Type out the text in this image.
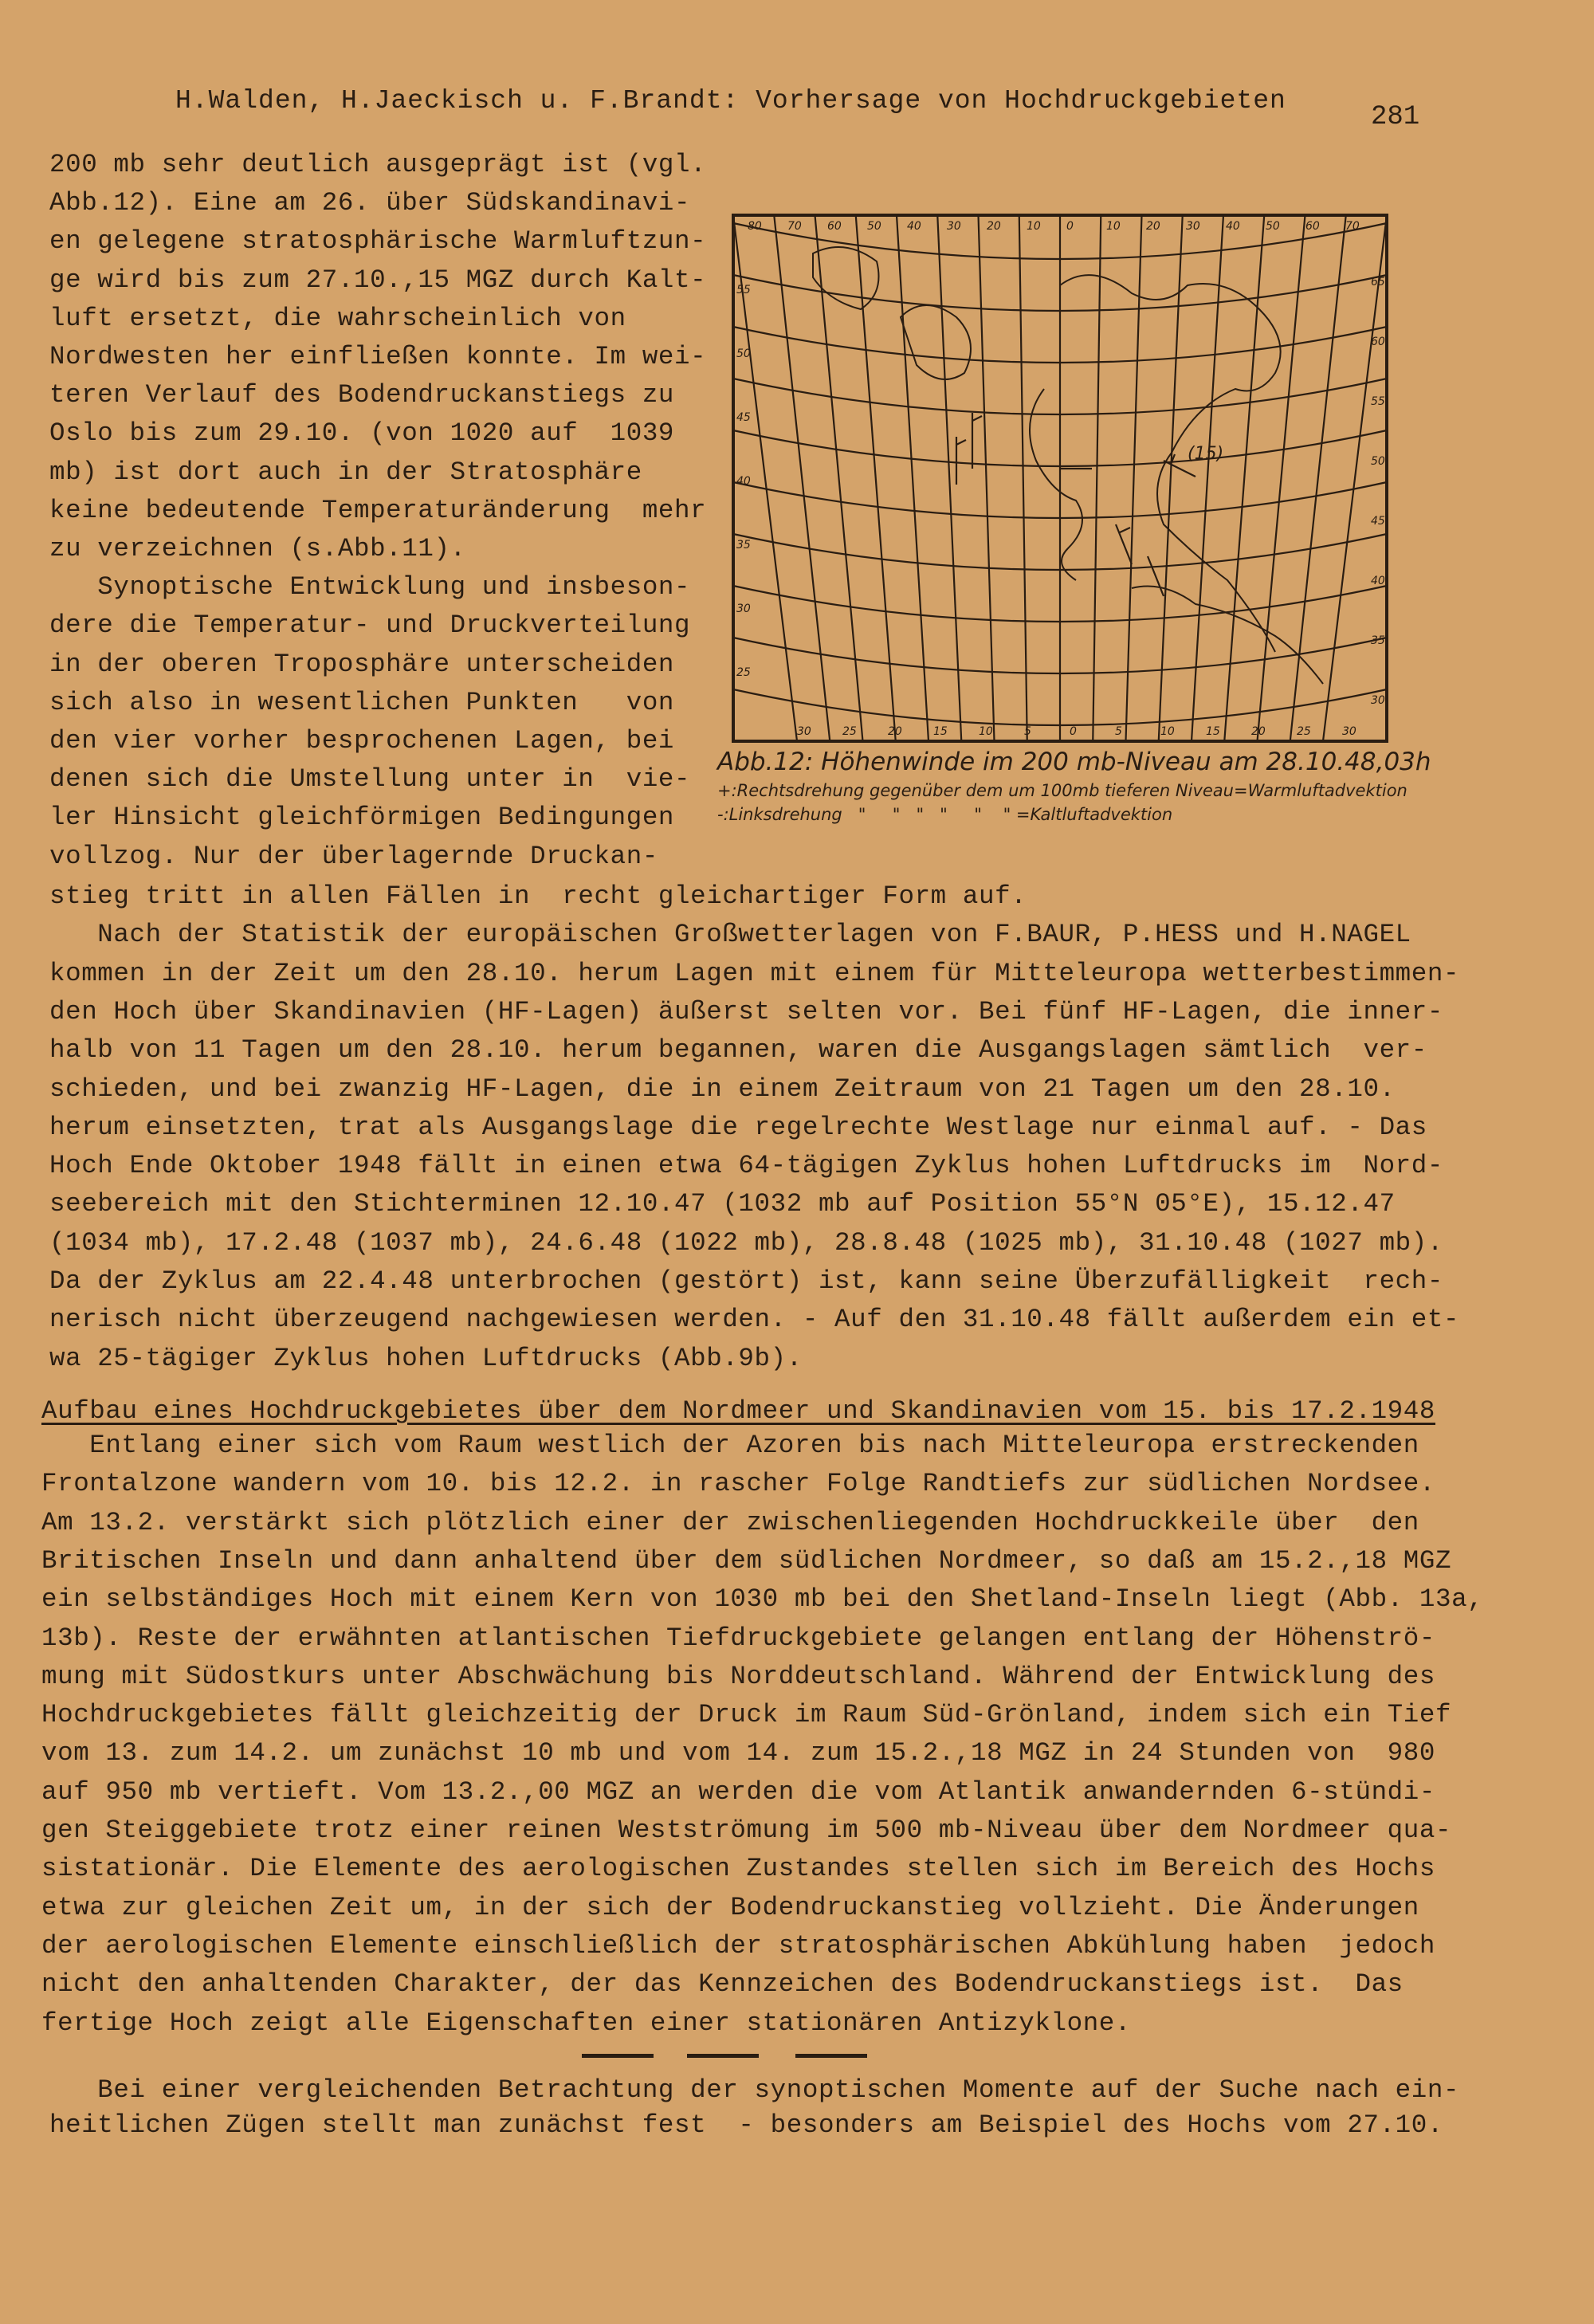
H.Walden, H.Jaeckisch u. F.Brandt: Vorhersage von Hochdruckgebieten
281
200 mb sehr deutlich ausgeprägt ist (vgl.
Abb.12). Eine am 26. über Südskandinavi-
en gelegene stratosphärische Warmluftzun-
ge wird bis zum 27.10.,15 MGZ durch Kalt-
luft ersetzt, die wahrscheinlich von
Nordwesten her einfließen konnte. Im wei-
teren Verlauf des Bodendruckanstiegs zu
Oslo bis zum 29.10. (von 1020 auf  1039
mb) ist dort auch in der Stratosphäre
keine bedeutende Temperaturänderung  mehr
zu verzeichnen (s.Abb.11).
Synoptische Entwicklung und insbeson-
dere die Temperatur- und Druckverteilung
in der oberen Troposphäre unterscheiden
sich also in wesentlichen Punkten   von
den vier vorher besprochenen Lagen, bei
denen sich die Umstellung unter in  vie-
ler Hinsicht gleichförmigen Bedingungen
vollzog. Nur der überlagernde Druckan-
80 70 60 50 40 30 20 10 0	10 20 30 40 50 60 70
30	25	20	15	10	5	0	5	10	15	20	25	30
55
50
45
40
35
30
25
65
60
55
50
45
40
35
30
(15)
Abb.12: Höhenwinde im 200 mb-Niveau am 28.10.48,03h
+:Rechtsdrehung gegenüber dem um 100mb tieferen Niveau=Warmluftadvektion
-:Linksdrehung   "     "   "   "     "    " =Kaltluftadvektion
stieg tritt in allen Fällen in  recht gleichartiger Form auf.
Nach der Statistik der europäischen Großwetterlagen von F.BAUR, P.HESS und H.NAGEL
kommen in der Zeit um den 28.10. herum Lagen mit einem für Mitteleuropa wetterbestimmen-
den Hoch über Skandinavien (HF-Lagen) äußerst selten vor. Bei fünf HF-Lagen, die inner-
halb von 11 Tagen um den 28.10. herum begannen, waren die Ausgangslagen sämtlich  ver-
schieden, und bei zwanzig HF-Lagen, die in einem Zeitraum von 21 Tagen um den 28.10.
herum einsetzten, trat als Ausgangslage die regelrechte Westlage nur einmal auf. - Das
Hoch Ende Oktober 1948 fällt in einen etwa 64-tägigen Zyklus hohen Luftdrucks im  Nord-
seebereich mit den Stichterminen 12.10.47 (1032 mb auf Position 55°N 05°E), 15.12.47
(1034 mb), 17.2.48 (1037 mb), 24.6.48 (1022 mb), 28.8.48 (1025 mb), 31.10.48 (1027 mb).
Da der Zyklus am 22.4.48 unterbrochen (gestört) ist, kann seine Überzufälligkeit  rech-
nerisch nicht überzeugend nachgewiesen werden. - Auf den 31.10.48 fällt außerdem ein et-
wa 25-tägiger Zyklus hohen Luftdrucks (Abb.9b).
Aufbau eines Hochdruckgebietes über dem Nordmeer und Skandinavien vom 15. bis 17.2.1948
Entlang einer sich vom Raum westlich der Azoren bis nach Mitteleuropa erstreckenden
Frontalzone wandern vom 10. bis 12.2. in rascher Folge Randtiefs zur südlichen Nordsee.
Am 13.2. verstärkt sich plötzlich einer der zwischenliegenden Hochdruckkeile über  den
Britischen Inseln und dann anhaltend über dem südlichen Nordmeer, so daß am 15.2.,18 MGZ
ein selbständiges Hoch mit einem Kern von 1030 mb bei den Shetland-Inseln liegt (Abb. 13a,
13b). Reste der erwähnten atlantischen Tiefdruckgebiete gelangen entlang der Höhenströ-
mung mit Südostkurs unter Abschwächung bis Norddeutschland. Während der Entwicklung des
Hochdruckgebietes fällt gleichzeitig der Druck im Raum Süd-Grönland, indem sich ein Tief
vom 13. zum 14.2. um zunächst 10 mb und vom 14. zum 15.2.,18 MGZ in 24 Stunden von  980
auf 950 mb vertieft. Vom 13.2.,00 MGZ an werden die vom Atlantik anwandernden 6-stündi-
gen Steiggebiete trotz einer reinen Westströmung im 500 mb-Niveau über dem Nordmeer qua-
sistationär. Die Elemente des aerologischen Zustandes stellen sich im Bereich des Hochs
etwa zur gleichen Zeit um, in der sich der Bodendruckanstieg vollzieht. Die Änderungen
der aerologischen Elemente einschließlich der stratosphärischen Abkühlung haben  jedoch
nicht den anhaltenden Charakter, der das Kennzeichen des Bodendruckanstiegs ist.  Das
fertige Hoch zeigt alle Eigenschaften einer stationären Antizyklone.
Bei einer vergleichenden Betrachtung der synoptischen Momente auf der Suche nach ein-
heitlichen Zügen stellt man zunächst fest  - besonders am Beispiel des Hochs vom 27.10.
